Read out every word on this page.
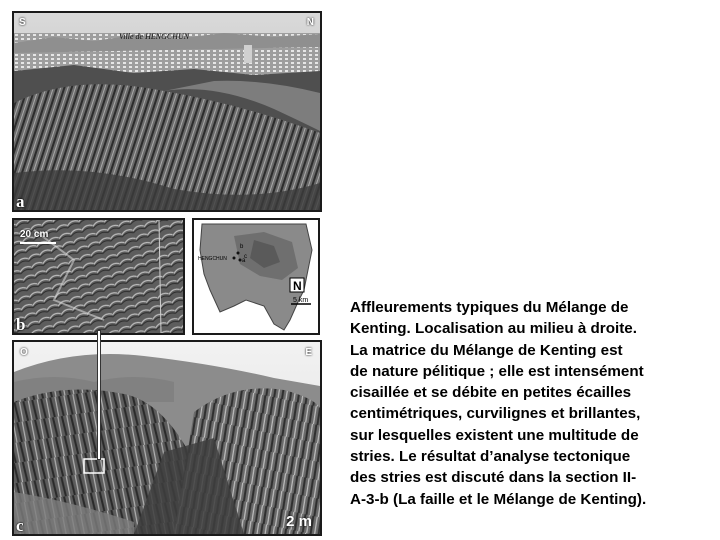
S	N
Ville de HENGCHUN
a
20 cm
b
HENGCHUN	a
b
c
N
5 km
O	E
2 m
c
Affleurements typiques du Mélange de
Kenting. Localisation au milieu à droite.
La matrice du Mélange de Kenting est
de nature pélitique ; elle est intensément
cisaillée et se débite en petites écailles
centimétriques, curvilignes et brillantes,
sur lesquelles existent une multitude de
stries. Le résultat d’analyse tectonique
des stries est discuté dans la section II-
A-3-b (La faille et le Mélange de Kenting).
